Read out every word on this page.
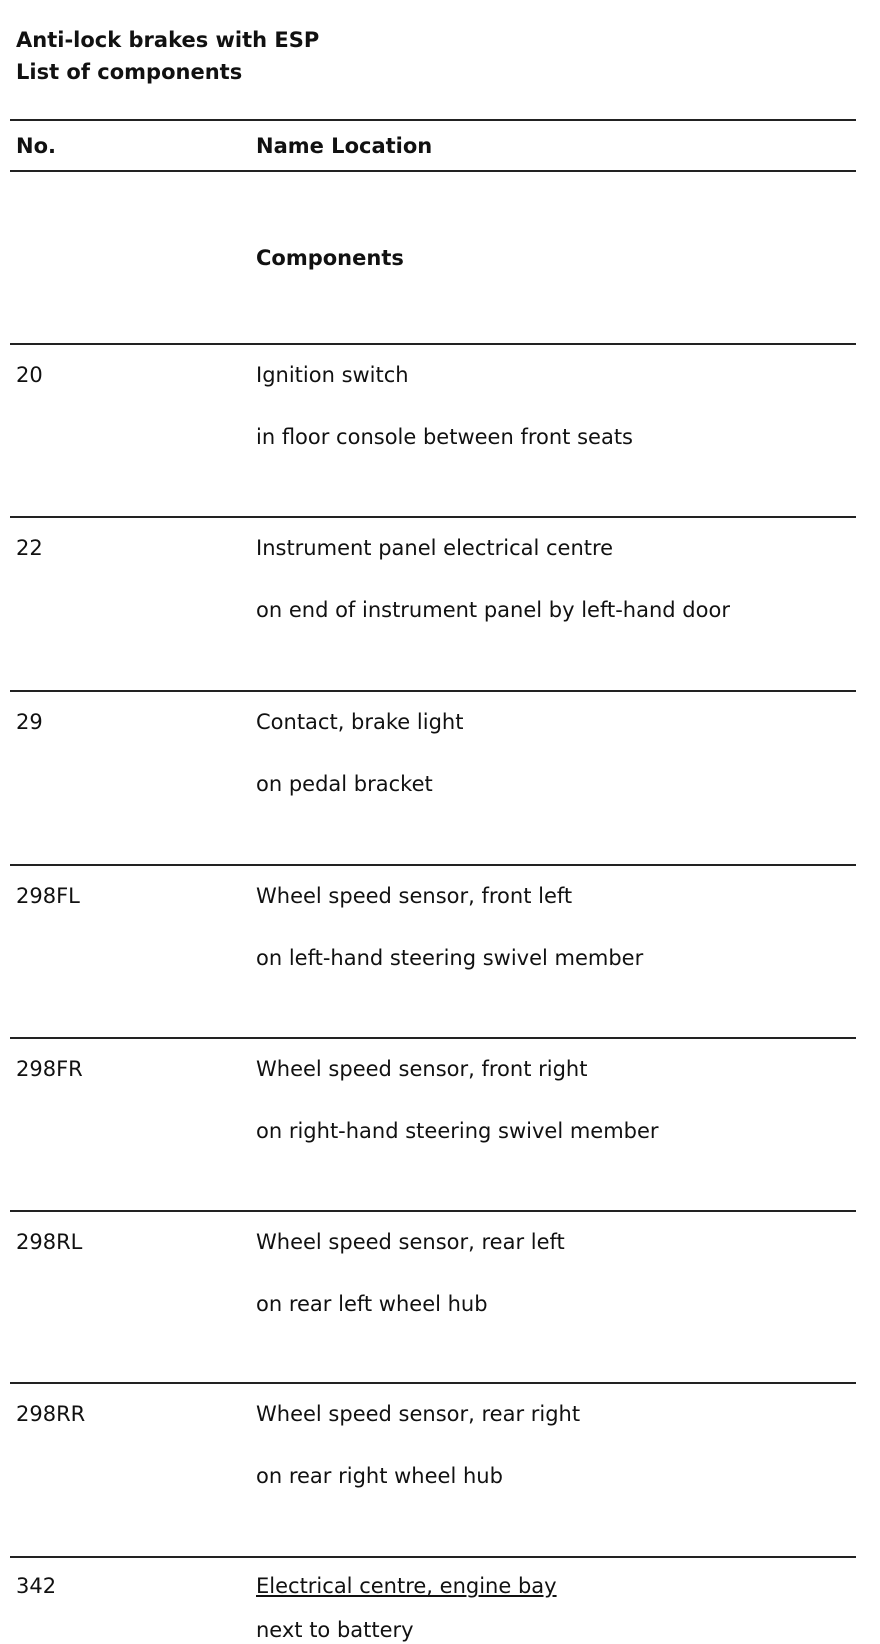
Anti-lock brakes with ESP
List of components
No.	Name Location
Components
20	Ignition switch
in floor console between front seats
22	Instrument panel electrical centre
on end of instrument panel by left-hand door
29	Contact, brake light
on pedal bracket
298FL	Wheel speed sensor, front left
on left-hand steering swivel member
298FR	Wheel speed sensor, front right
on right-hand steering swivel member
298RL	Wheel speed sensor, rear left
on rear left wheel hub
298RR	Wheel speed sensor, rear right
on rear right wheel hub
342	Electrical centre, engine bay
next to battery
